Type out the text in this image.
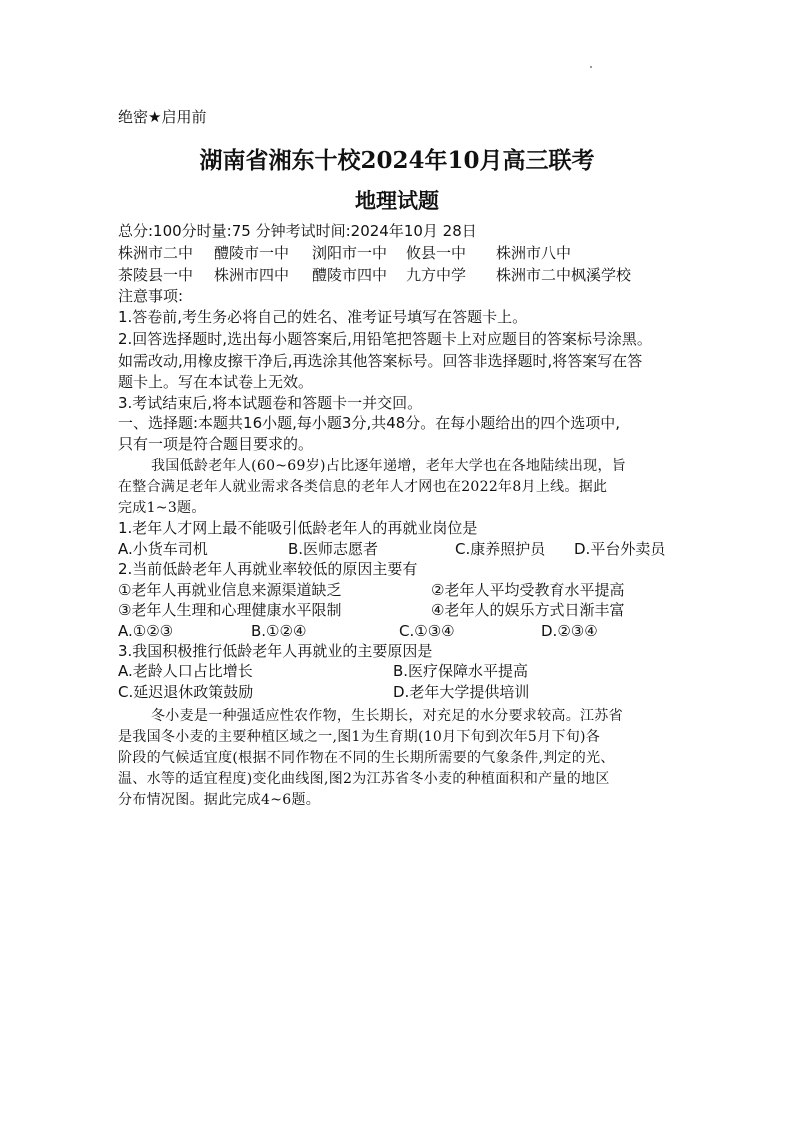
绝密★启用前
湖南省湘东十校2024年10月高三联考
地理试题
总分:100分时量:75 分钟考试时间:2024年10月 28日
株洲市二中 醴陵市一中 浏阳市一中 攸县一中 株洲市八中
茶陵县一中 株洲市四中 醴陵市四中 九方中学 株洲市二中枫溪学校
注意事项:
1.答卷前,考生务必将自己的姓名、准考证号填写在答题卡上。
2.回答选择题时,选出每小题答案后,用铅笔把答题卡上对应题目的答案标号涂黑。
如需改动,用橡皮擦干净后,再选涂其他答案标号。回答非选择题时,将答案写在答
题卡上。写在本试卷上无效。
3.考试结束后,将本试题卷和答题卡一并交回。
一、选择题:本题共16小题,每小题3分,共48分。在每小题给出的四个选项中,
只有一项是符合题目要求的。
我国低龄老年人(60~69岁)占比逐年递增，老年大学也在各地陆续出现，旨
在整合满足老年人就业需求各类信息的老年人才网也在2022年8月上线。据此
完成1~3题。
1.老年人才网上最不能吸引低龄老年人的再就业岗位是
A.小货车司机	B.医师志愿者	C.康养照护员 D.平台外卖员
2.当前低龄老年人再就业率较低的原因主要有
①老年人再就业信息来源渠道缺乏	②老年人平均受教育水平提高
③老年人生理和心理健康水平限制	④老年人的娱乐方式日渐丰富
A.①②③	B.①②④	C.①③④	D.②③④
3.我国积极推行低龄老年人再就业的主要原因是
A.老龄人口占比增长	B.医疗保障水平提高
C.延迟退休政策鼓励	D.老年大学提供培训
冬小麦是一种强适应性农作物，生长期长，对充足的水分要求较高。江苏省
是我国冬小麦的主要种植区域之一,图1为生育期(10月下旬到次年5月下旬)各
阶段的气候适宜度(根据不同作物在不同的生长期所需要的气象条件,判定的光、
温、水等的适宜程度)变化曲线图,图2为江苏省冬小麦的种植面积和产量的地区
分布情况图。据此完成4~6题。
